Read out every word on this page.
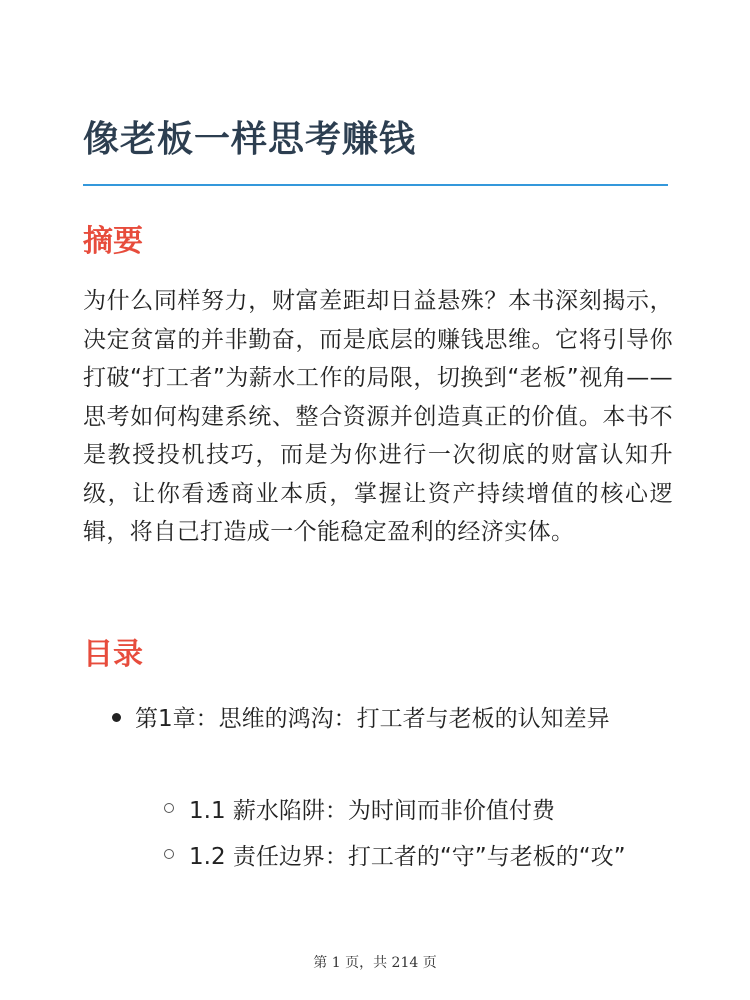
像老板一样思考赚钱
摘要

为什么同样努力，财富差距却日益悬殊？本书深刻揭示，决定贫富的并非勤奋，而是底层的赚钱思维。它将引导你打破“打工者”为薪水工作的局限，切换到“老板”视角——思考如何构建系统、整合资源并创造真正的价值。本书不是教授投机技巧，而是为你进行一次彻底的财富认知升级，让你看透商业本质，掌握让资产持续增值的核心逻辑，将自己打造成一个能稳定盈利的经济实体。

目录
第1章：思维的鸿沟：打工者与老板的认知差异
1.1 薪水陷阱：为时间而非价值付费
1.2 责任边界：打工者的“守”与老板的“攻”
第 1 页，共 214 页
